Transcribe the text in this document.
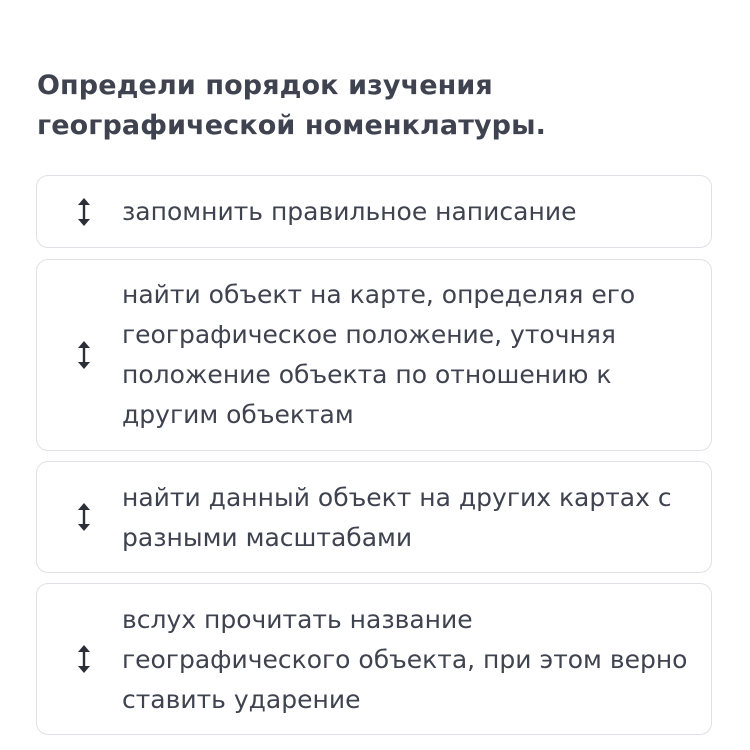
Определи порядок изучения географической номенклатуры.
запомнить правильное написание
найти объект на карте, определяя его географическое положение, уточняя положение объекта по отношению к другим объектам
найти данный объект на других картах с разными масштабами
вслух прочитать название географического объекта, при этом верно ставить ударение
